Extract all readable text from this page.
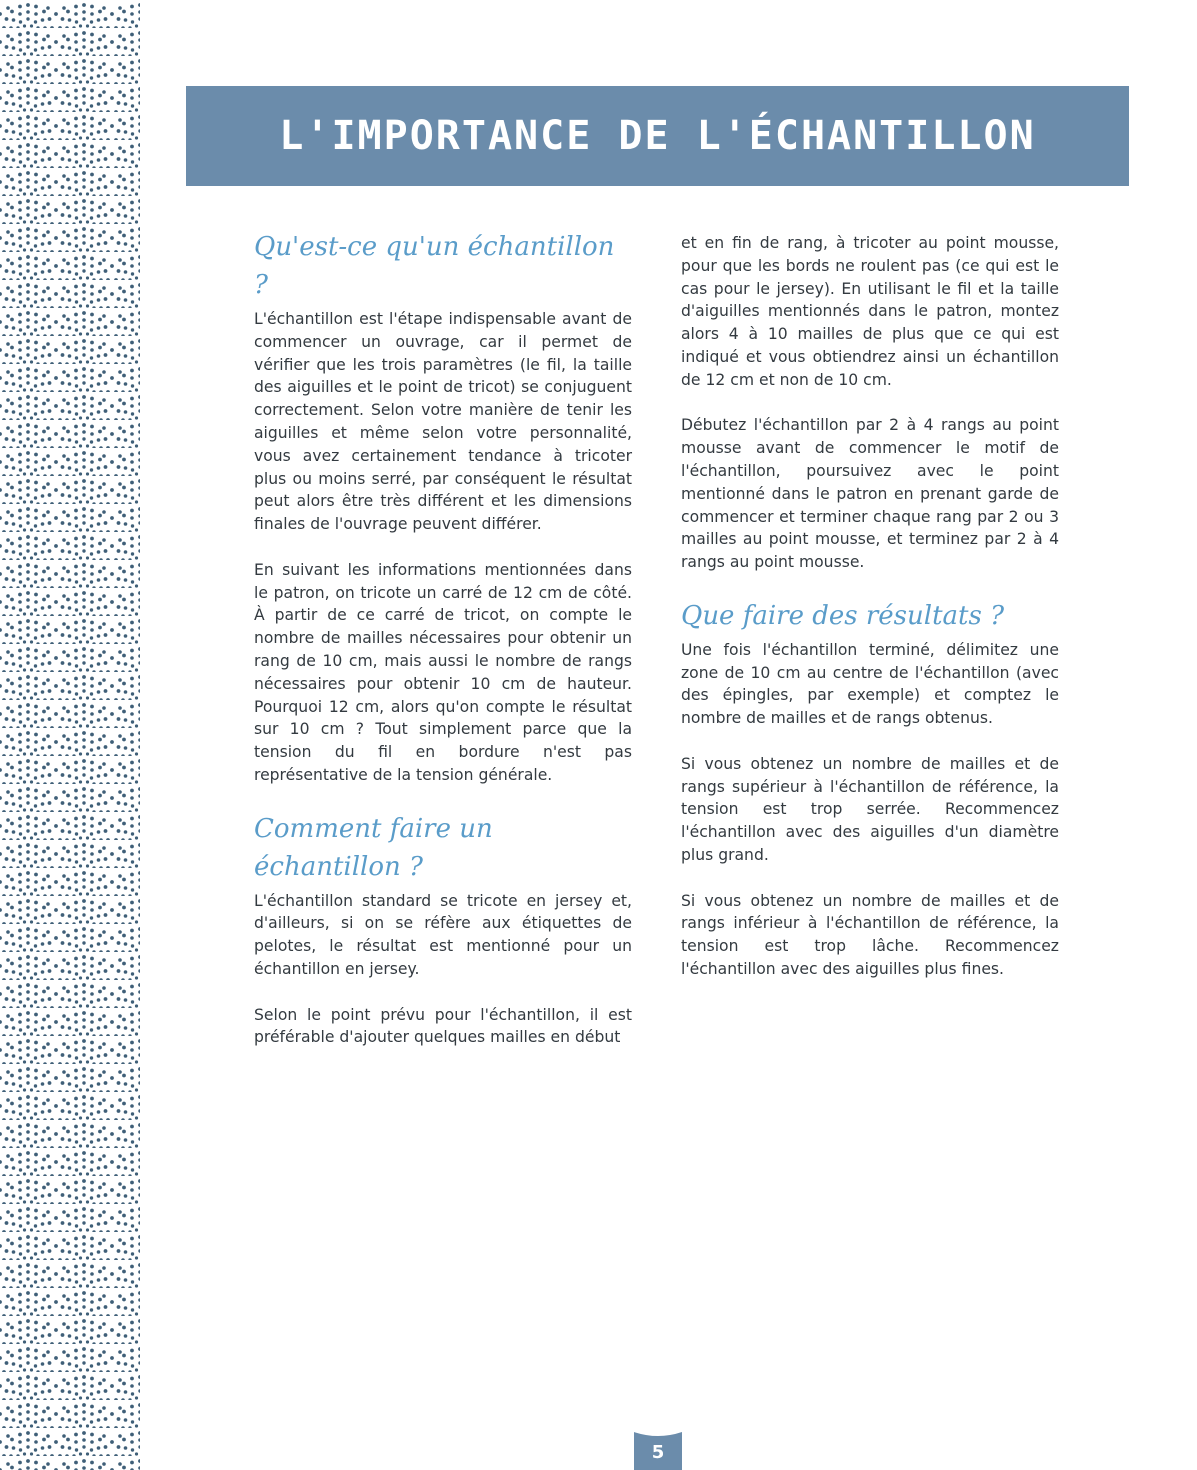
L'IMPORTANCE DE L'ÉCHANTILLON
Qu'est-ce qu'un échantillon ?

L'échantillon est l'étape indispensable avant de commencer un ouvrage, car il permet de vérifier que les trois paramètres (le fil, la taille des aiguilles et le point de tricot) se conjuguent correctement. Selon votre manière de tenir les aiguilles et même selon votre personnalité, vous avez certainement tendance à tricoter plus ou moins serré, par conséquent le résultat peut alors être très différent et les dimensions finales de l'ouvrage peuvent différer.

En suivant les informations mentionnées dans le patron, on tricote un carré de 12 cm de côté. À partir de ce carré de tricot, on compte le nombre de mailles nécessaires pour obtenir un rang de 10 cm, mais aussi le nombre de rangs nécessaires pour obtenir 10 cm de hauteur. Pourquoi 12 cm, alors qu'on compte le résultat sur 10 cm ? Tout simplement parce que la tension du fil en bordure n'est pas représentative de la tension générale.

Comment faire un échantillon ?

L'échantillon standard se tricote en jersey et, d'ailleurs, si on se réfère aux étiquettes de pelotes, le résultat est mentionné pour un échantillon en jersey.

Selon le point prévu pour l'échantillon, il est préférable d'ajouter quelques mailles en début

et en fin de rang, à tricoter au point mousse, pour que les bords ne roulent pas (ce qui est le cas pour le jersey). En utilisant le fil et la taille d'aiguilles mentionnés dans le patron, montez alors 4 à 10 mailles de plus que ce qui est indiqué et vous obtiendrez ainsi un échantillon de 12 cm et non de 10 cm.

Débutez l'échantillon par 2 à 4 rangs au point mousse avant de commencer le motif de l'échantillon, poursuivez avec le point mentionné dans le patron en prenant garde de commencer et terminer chaque rang par 2 ou 3 mailles au point mousse, et terminez par 2 à 4 rangs au point mousse.

Que faire des résultats ?

Une fois l'échantillon terminé, délimitez une zone de 10 cm au centre de l'échantillon (avec des épingles, par exemple) et comptez le nombre de mailles et de rangs obtenus.

Si vous obtenez un nombre de mailles et de rangs supérieur à l'échantillon de référence, la tension est trop serrée. Recommencez l'échantillon avec des aiguilles d'un diamètre plus grand.

Si vous obtenez un nombre de mailles et de rangs inférieur à l'échantillon de référence, la tension est trop lâche. Recommencez l'échantillon avec des aiguilles plus fines.

5
